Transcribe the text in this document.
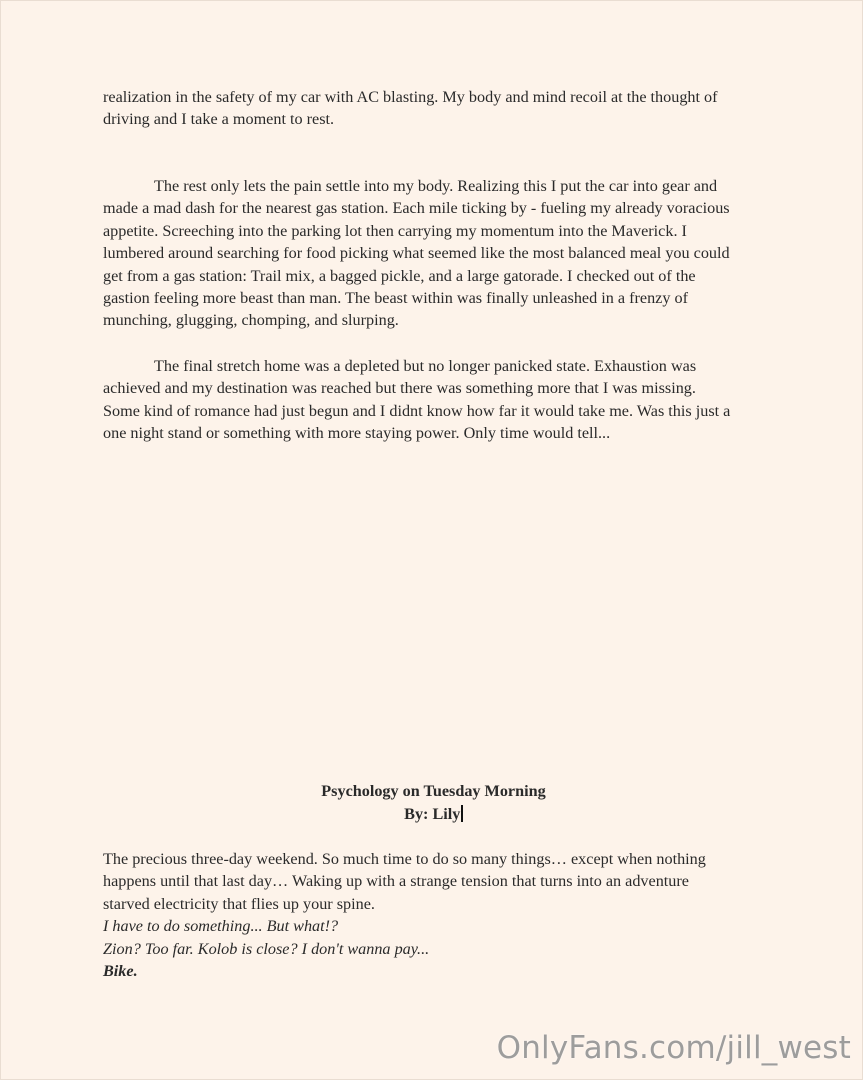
realization in the safety of my car with AC blasting. My body and mind recoil at the thought of
driving and I take a moment to rest.
The rest only lets the pain settle into my body. Realizing this I put the car into gear and
made a mad dash for the nearest gas station. Each mile ticking by - fueling my already voracious
appetite. Screeching into the parking lot then carrying my momentum into the Maverick. I
lumbered around searching for food picking what seemed like the most balanced meal you could
get from a gas station: Trail mix, a bagged pickle, and a large gatorade. I checked out of the
gastion feeling more beast than man. The beast within was finally unleashed in a frenzy of
munching, glugging, chomping, and slurping.
The final stretch home was a depleted but no longer panicked state. Exhaustion was
achieved and my destination was reached but there was something more that I was missing.
Some kind of romance had just begun and I didnt know how far it would take me. Was this just a
one night stand or something with more staying power. Only time would tell...
Psychology on Tuesday Morning
By: Lily
The precious three-day weekend. So much time to do so many things… except when nothing
happens until that last day… Waking up with a strange tension that turns into an adventure
starved electricity that flies up your spine.
I have to do something... But what!?
Zion? Too far. Kolob is close? I don't wanna pay...
Bike.
OnlyFans.com/jill_west
